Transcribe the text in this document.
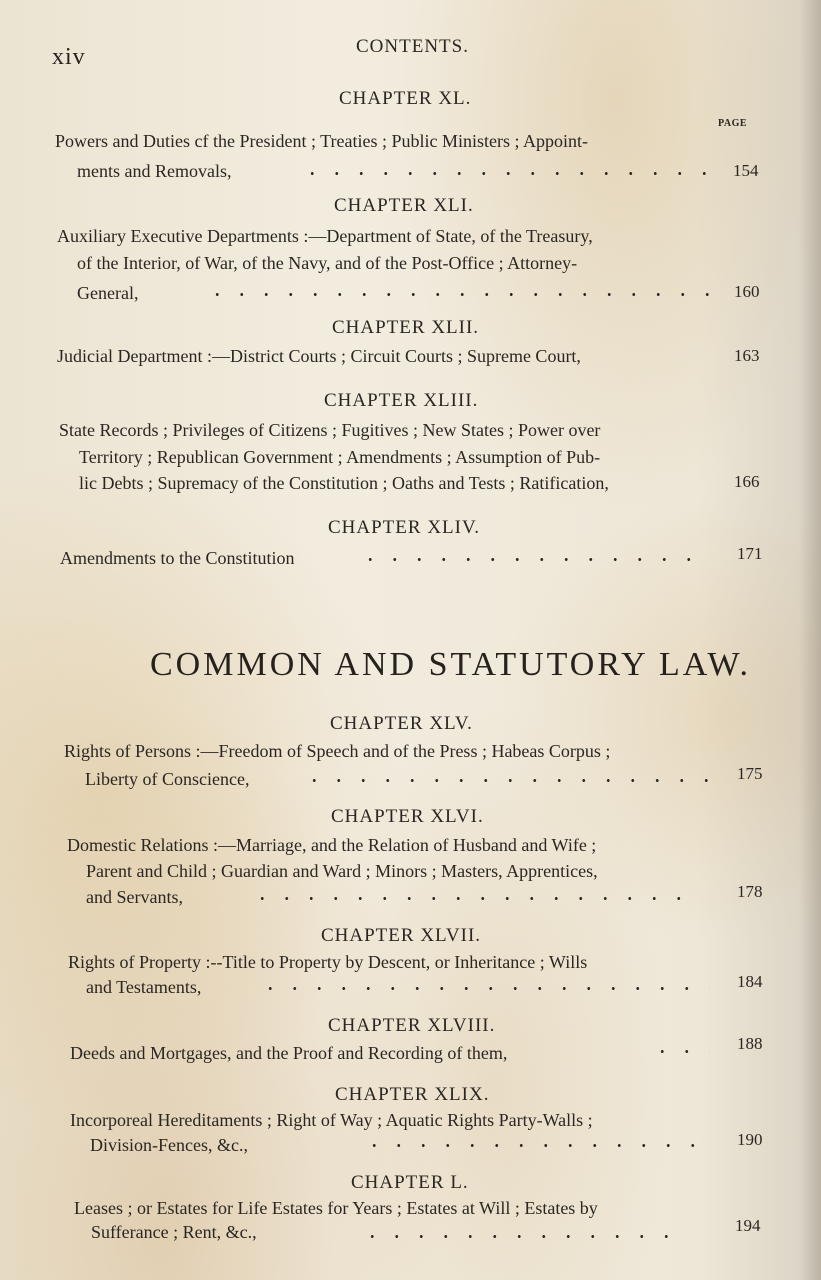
xiv	CONTENTS.
PAGE
CHAPTER XL.
Powers and Duties cf the President ; Treaties ; Public Ministers ; Appoint-
ments and Removals,	154
CHAPTER XLI.
Auxiliary Executive Departments :—Department of State, of the Treasury,
of the Interior, of War, of the Navy, and of the Post-Office ; Attorney-
General,	160
CHAPTER XLII.
Judicial Department :—District Courts ; Circuit Courts ; Supreme Court,	163
CHAPTER XLIII.
State Records ; Privileges of Citizens ; Fugitives ; New States ; Power over
Territory ; Republican Government ; Amendments ; Assumption of Pub-
lic Debts ; Supremacy of the Constitution ; Oaths and Tests ; Ratification,	166
CHAPTER XLIV.
Amendments to the Constitution	171
COMMON AND STATUTORY LAW.
CHAPTER XLV.
Rights of Persons :—Freedom of Speech and of the Press ; Habeas Corpus ;
Liberty of Conscience,	175
CHAPTER XLVI.
Domestic Relations :—Marriage, and the Relation of Husband and Wife ;
Parent and Child ; Guardian and Ward ; Minors ; Masters, Apprentices,
and Servants,	178
CHAPTER XLVII.
Rights of Property :--Title to Property by Descent, or Inheritance ; Wills
and Testaments,	184
CHAPTER XLVIII.
Deeds and Mortgages, and the Proof and Recording of them,	188
CHAPTER XLIX.
Incorporeal Hereditaments ; Right of Way ; Aquatic Rights Party-Walls ;
Division-Fences, &c.,	190
CHAPTER L.
Leases ; or Estates for Life Estates for Years ; Estates at Will ; Estates by
Sufferance ; Rent, &c.,	194
